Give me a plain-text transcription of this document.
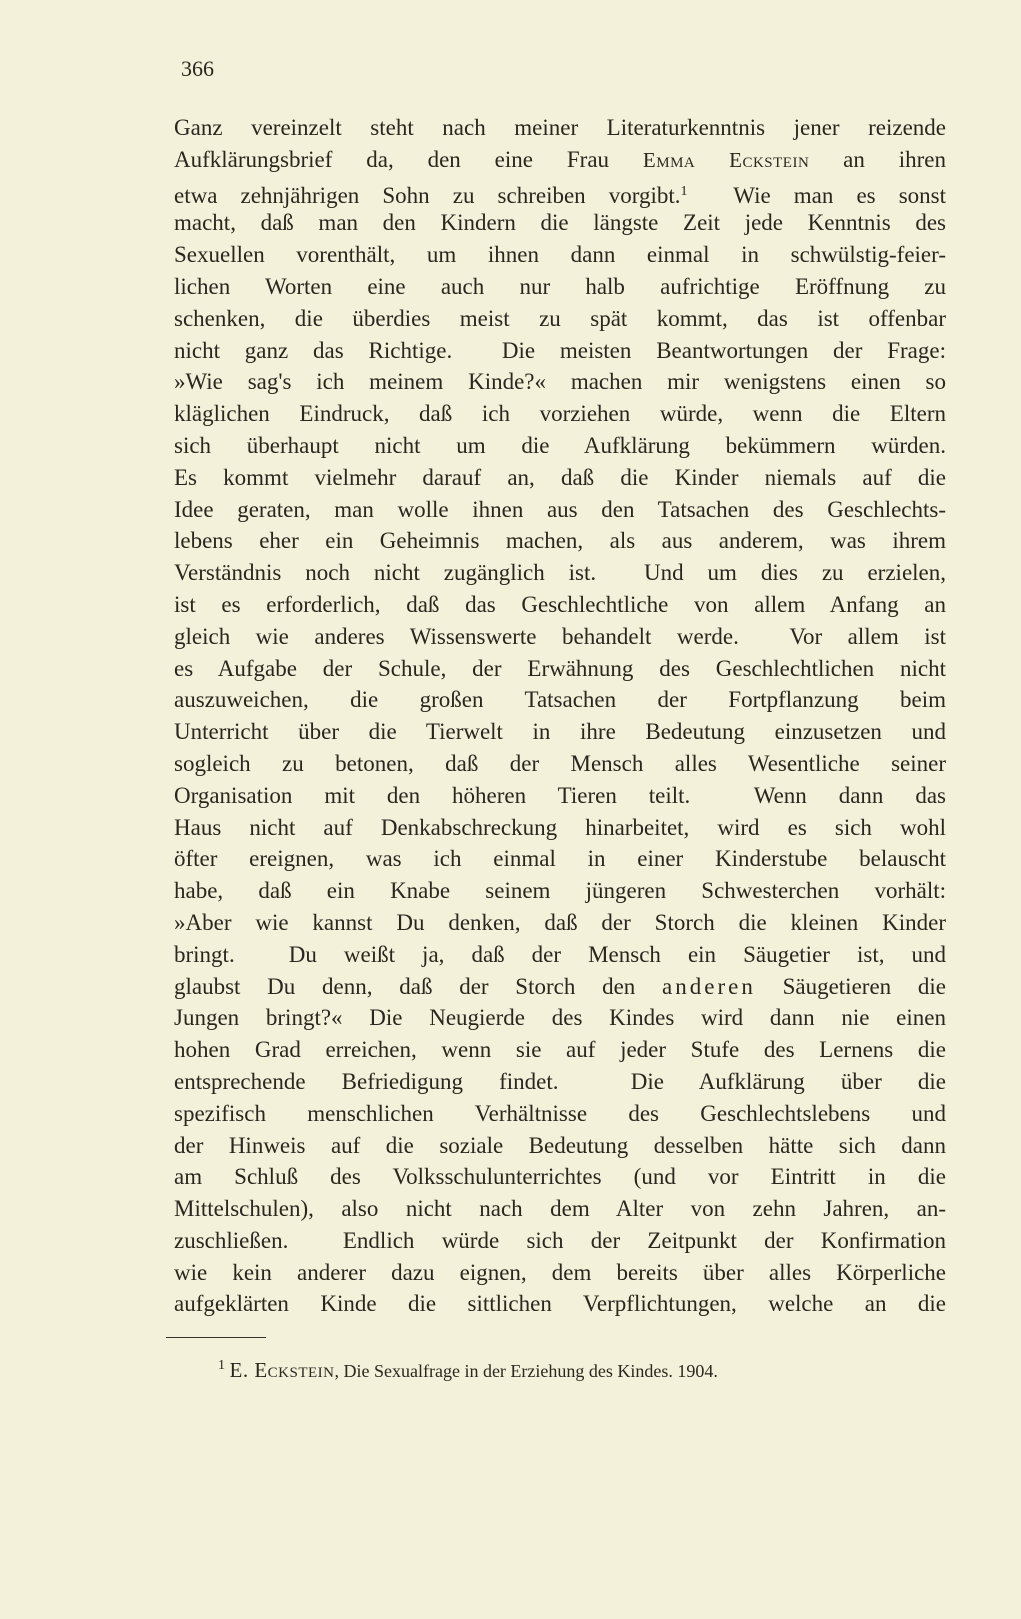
366
Ganz vereinzelt steht nach meiner Literaturkenntnis jener reizende
Aufklärungsbrief da, den eine Frau Emma Eckstein an ihren
etwa zehnjährigen Sohn zu schreiben vorgibt.$^1$  Wie man es sonst
macht, daß man den Kindern die längste Zeit jede Kenntnis des
Sexuellen vorenthält, um ihnen dann einmal in schwülstig-feier-
lichen Worten eine auch nur halb aufrichtige Eröffnung zu
schenken, die überdies meist zu spät kommt, das ist offenbar
nicht ganz das Richtige.  Die meisten Beantwortungen der Frage:
»Wie sag's ich meinem Kinde?« machen mir wenigstens einen so
kläglichen Eindruck, daß ich vorziehen würde, wenn die Eltern
sich überhaupt nicht um die Aufklärung bekümmern würden.
Es kommt vielmehr darauf an, daß die Kinder niemals auf die
Idee geraten, man wolle ihnen aus den Tatsachen des Geschlechts-
lebens eher ein Geheimnis machen, als aus anderem, was ihrem
Verständnis noch nicht zugänglich ist.  Und um dies zu erzielen,
ist es erforderlich, daß das Geschlechtliche von allem Anfang an
gleich wie anderes Wissenswerte behandelt werde.  Vor allem ist
es Aufgabe der Schule, der Erwähnung des Geschlechtlichen nicht
auszuweichen, die großen Tatsachen der Fortpflanzung beim
Unterricht über die Tierwelt in ihre Bedeutung einzusetzen und
sogleich zu betonen, daß der Mensch alles Wesentliche seiner
Organisation mit den höheren Tieren teilt.  Wenn dann das
Haus nicht auf Denkabschreckung hinarbeitet, wird es sich wohl
öfter ereignen, was ich einmal in einer Kinderstube belauscht
habe, daß ein Knabe seinem jüngeren Schwesterchen vorhält:
»Aber wie kannst Du denken, daß der Storch die kleinen Kinder
bringt.  Du weißt ja, daß der Mensch ein Säugetier ist, und
glaubst Du denn, daß der Storch den anderen Säugetieren die
Jungen bringt?« Die Neugierde des Kindes wird dann nie einen
hohen Grad erreichen, wenn sie auf jeder Stufe des Lernens die
entsprechende Befriedigung findet.  Die Aufklärung über die
spezifisch menschlichen Verhältnisse des Geschlechtslebens und
der Hinweis auf die soziale Bedeutung desselben hätte sich dann
am Schluß des Volksschulunterrichtes (und vor Eintritt in die
Mittelschulen), also nicht nach dem Alter von zehn Jahren, an-
zuschließen.  Endlich würde sich der Zeitpunkt der Konfirmation
wie kein anderer dazu eignen, dem bereits über alles Körperliche
aufgeklärten Kinde die sittlichen Verpflichtungen, welche an die
$^1$ E. Eckstein, Die Sexualfrage in der Erziehung des Kindes. 1904.
